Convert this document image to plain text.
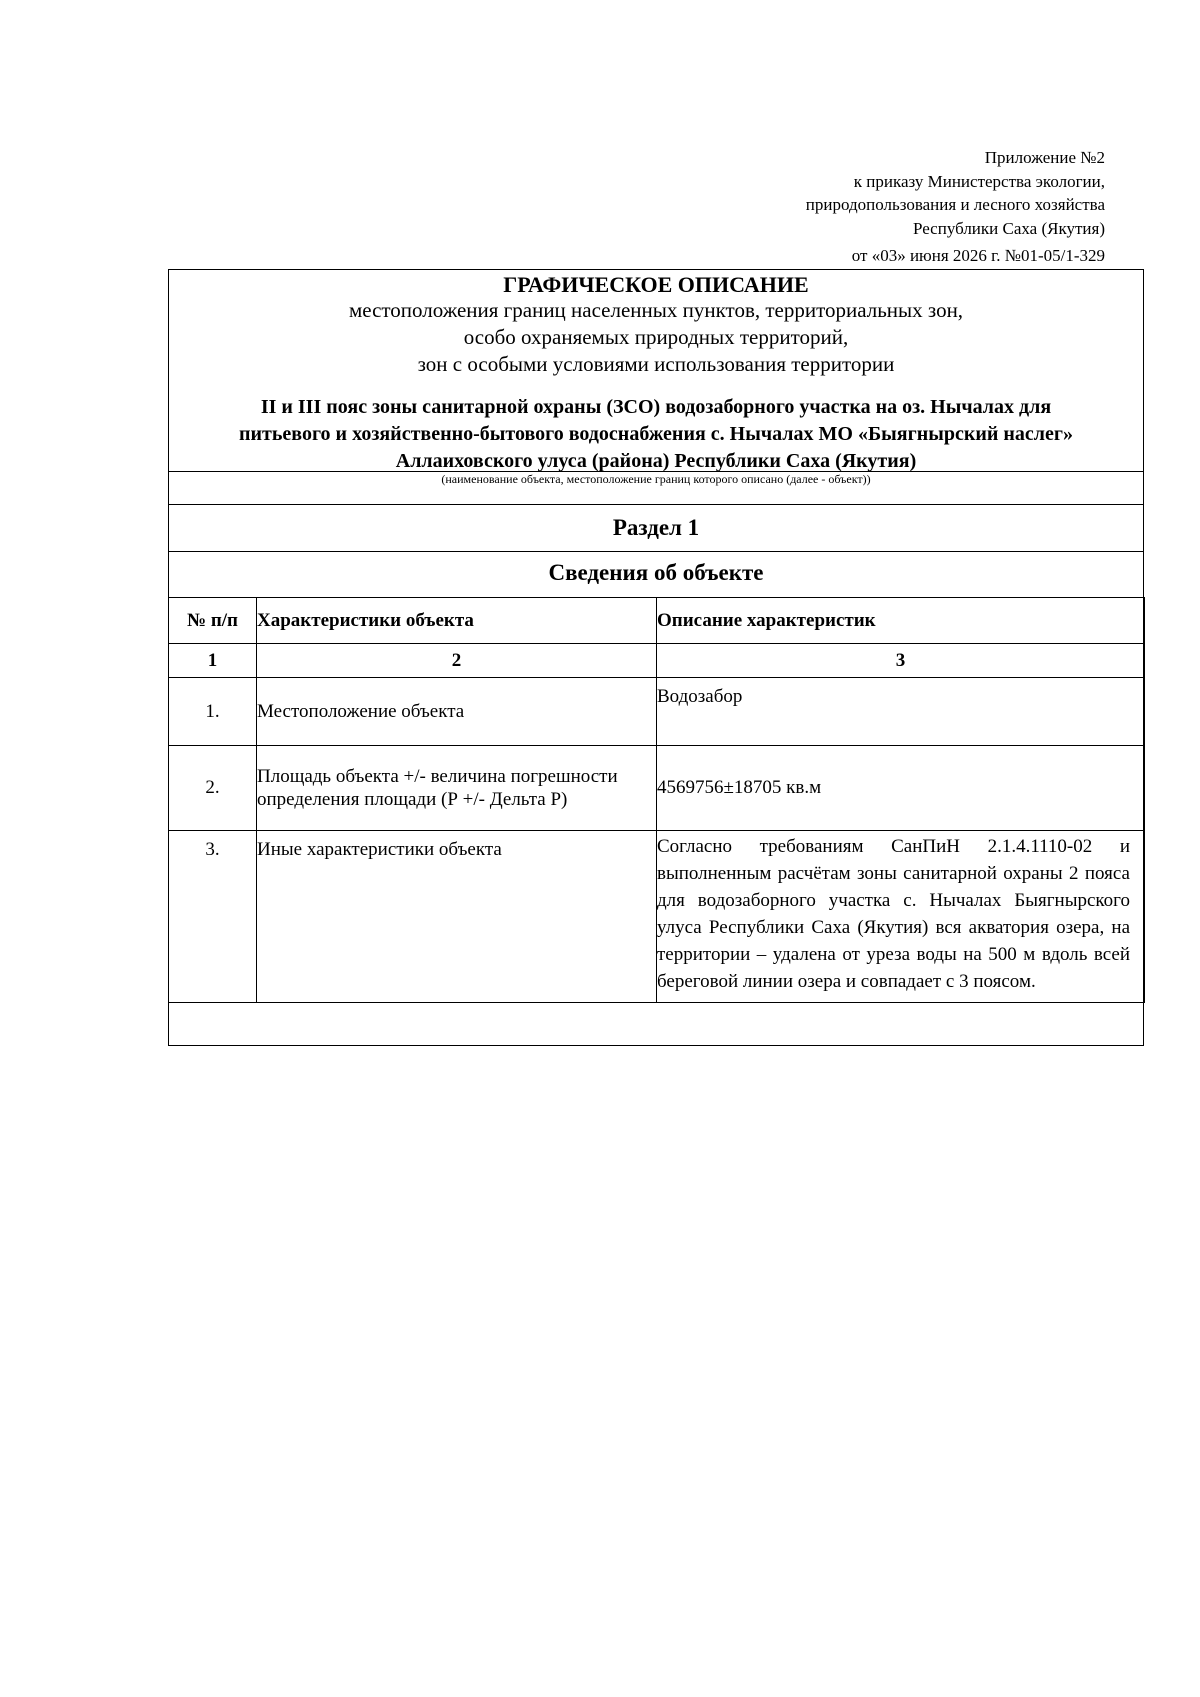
Приложение №2
к приказу Министерства экологии,
природопользования и лесного хозяйства
Республики Саха (Якутия)
от «03» июня 2026 г. №01-05/1-329
ГРАФИЧЕСКОЕ ОПИСАНИЕ
местоположения границ населенных пунктов, территориальных зон,
особо охраняемых природных территорий,
зон с особыми условиями использования территории
II и III пояс зоны санитарной охраны (ЗСО) водозаборного участка на оз. Нычалах для
питьевого и хозяйственно-бытового водоснабжения с. Нычалах МО «Быягнырский наслег»
Аллаиховского улуса (района) Республики Саха (Якутия)
(наименование объекта, местоположение границ которого описано (далее - объект))
Раздел 1
Сведения об объекте
№ п/п	Характеристики объекта	Описание характеристик
1	2	3
1.	Местоположение объекта	Водозабор
2.	Площадь объекта +/- величина погрешности определения площади (Р +/- Дельта Р)	4569756±18705 кв.м
3.	Иные характеристики объекта	Согласно требованиям СанПиН 2.1.4.1110-02 и выполненным расчётам зоны санитарной охраны 2 пояса для водозаборного участка с. Нычалах Быягнырского улуса Республики Саха (Якутия) вся акватория озера, на территории – удалена от уреза воды на 500 м вдоль всей береговой линии озера и совпадает с 3 поясом.
